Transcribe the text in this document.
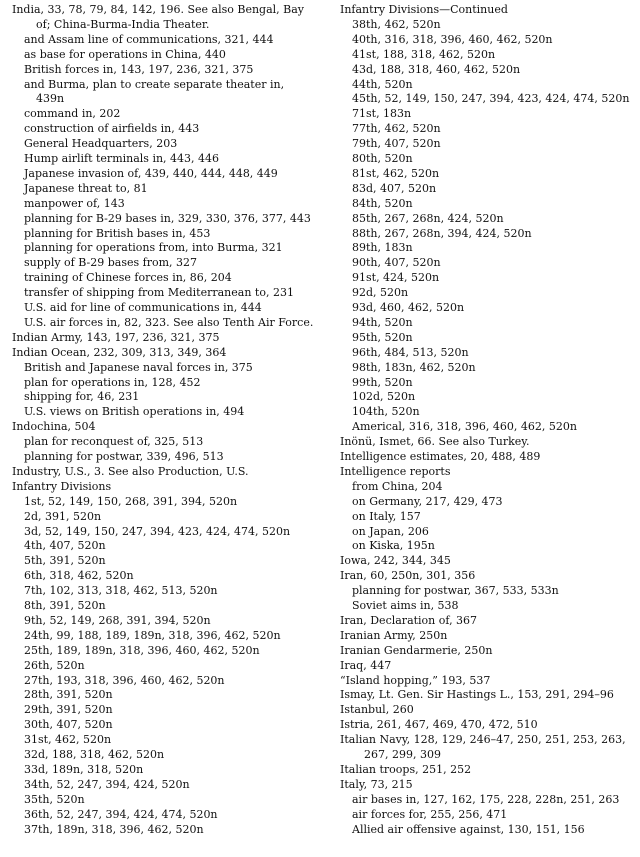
India, 33, 78, 79, 84, 142, 196. See also Bengal, Bay
of; China-Burma-India Theater.
and Assam line of communications, 321, 444
as base for operations in China, 440
British forces in, 143, 197, 236, 321, 375
and Burma, plan to create separate theater in,
439n
command in, 202
construction of airfields in, 443
General Headquarters, 203
Hump airlift terminals in, 443, 446
Japanese invasion of, 439, 440, 444, 448, 449
Japanese threat to, 81
manpower of, 143
planning for B-29 bases in, 329, 330, 376, 377, 443
planning for British bases in, 453
planning for operations from, into Burma, 321
supply of B-29 bases from, 327
training of Chinese forces in, 86, 204
transfer of shipping from Mediterranean to, 231
U.S. aid for line of communications in, 444
U.S. air forces in, 82, 323. See also Tenth Air Force.
Indian Army, 143, 197, 236, 321, 375
Indian Ocean, 232, 309, 313, 349, 364
British and Japanese naval forces in, 375
plan for operations in, 128, 452
shipping for, 46, 231
U.S. views on British operations in, 494
Indochina, 504
plan for reconquest of, 325, 513
planning for postwar, 339, 496, 513
Industry, U.S., 3. See also Production, U.S.
Infantry Divisions
1st, 52, 149, 150, 268, 391, 394, 520n
2d, 391, 520n
3d, 52, 149, 150, 247, 394, 423, 424, 474, 520n
4th, 407, 520n
5th, 391, 520n
6th, 318, 462, 520n
7th, 102, 313, 318, 462, 513, 520n
8th, 391, 520n
9th, 52, 149, 268, 391, 394, 520n
24th, 99, 188, 189, 189n, 318, 396, 462, 520n
25th, 189, 189n, 318, 396, 460, 462, 520n
26th, 520n
27th, 193, 318, 396, 460, 462, 520n
28th, 391, 520n
29th, 391, 520n
30th, 407, 520n
31st, 462, 520n
32d, 188, 318, 462, 520n
33d, 189n, 318, 520n
34th, 52, 247, 394, 424, 520n
35th, 520n
36th, 52, 247, 394, 424, 474, 520n
37th, 189n, 318, 396, 462, 520n
Infantry Divisions—Continued
38th, 462, 520n
40th, 316, 318, 396, 460, 462, 520n
41st, 188, 318, 462, 520n
43d, 188, 318, 460, 462, 520n
44th, 520n
45th, 52, 149, 150, 247, 394, 423, 424, 474, 520n
71st, 183n
77th, 462, 520n
79th, 407, 520n
80th, 520n
81st, 462, 520n
83d, 407, 520n
84th, 520n
85th, 267, 268n, 424, 520n
88th, 267, 268n, 394, 424, 520n
89th, 183n
90th, 407, 520n
91st, 424, 520n
92d, 520n
93d, 460, 462, 520n
94th, 520n
95th, 520n
96th, 484, 513, 520n
98th, 183n, 462, 520n
99th, 520n
102d, 520n
104th, 520n
Americal, 316, 318, 396, 460, 462, 520n
Inönü, Ismet, 66. See also Turkey.
Intelligence estimates, 20, 488, 489
Intelligence reports
from China, 204
on Germany, 217, 429, 473
on Italy, 157
on Japan, 206
on Kiska, 195n
Iowa, 242, 344, 345
Iran, 60, 250n, 301, 356
planning for postwar, 367, 533, 533n
Soviet aims in, 538
Iran, Declaration of, 367
Iranian Army, 250n
Iranian Gendarmerie, 250n
Iraq, 447
“Island hopping,” 193, 537
Ismay, Lt. Gen. Sir Hastings L., 153, 291, 294–96
Istanbul, 260
Istria, 261, 467, 469, 470, 472, 510
Italian Navy, 128, 129, 246–47, 250, 251, 253, 263,
267, 299, 309
Italian troops, 251, 252
Italy, 73, 215
air bases in, 127, 162, 175, 228, 228n, 251, 263
air forces for, 255, 256, 471
Allied air offensive against, 130, 151, 156
